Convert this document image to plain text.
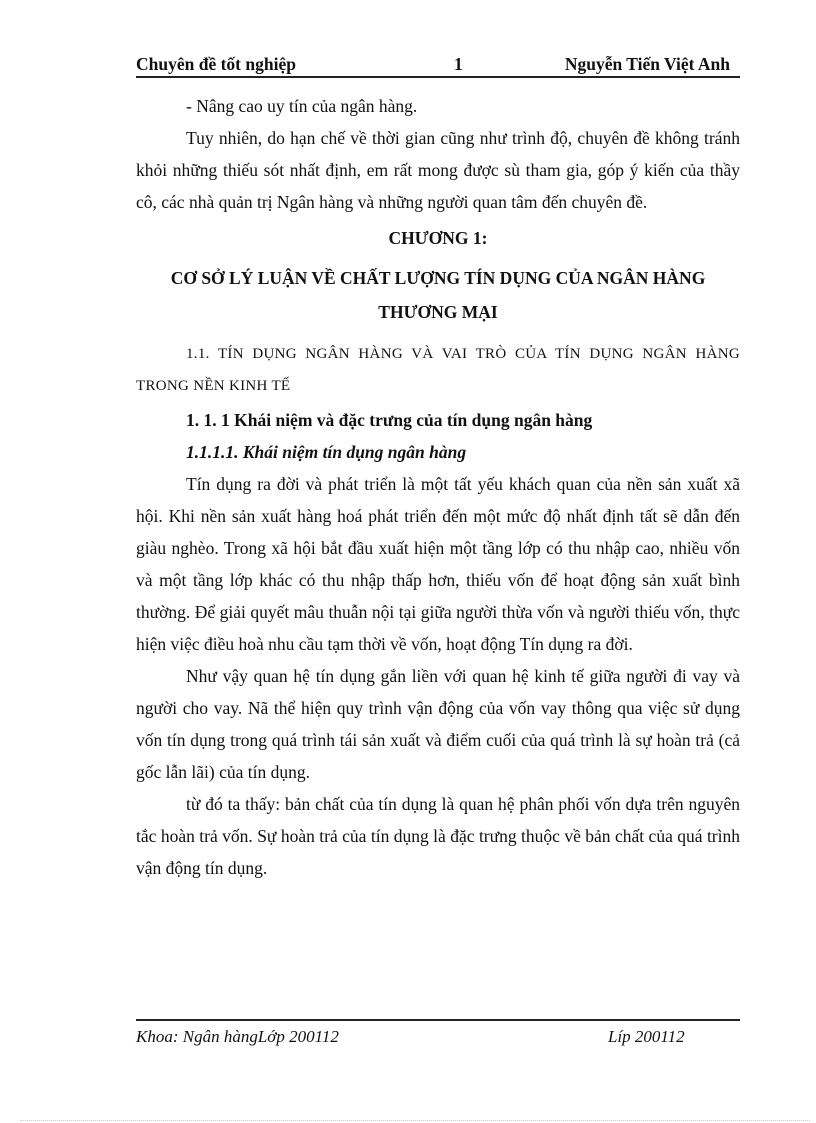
Chuyên đề tốt nghiệp	1	Nguyễn Tiến Việt Anh

- Nâng cao uy tín của ngân hàng.

Tuy nhiên, do hạn chế về thời gian cũng như trình độ, chuyên đề không tránh khỏi những thiếu sót nhất định, em rất mong được sù tham gia, góp ý kiến của thầy cô, các nhà quản trị Ngân hàng và những người quan tâm đến chuyên đề.

CHƯƠNG 1:

CƠ SỞ LÝ LUẬN VỀ CHẤT LƯỢNG TÍN DỤNG CỦA NGÂN HÀNG

THƯƠNG MẠI

1.1. TÍN DỤNG NGÂN HÀNG VÀ VAI TRÒ CỦA TÍN DỤNG NGÂN HÀNG TRONG NỀN KINH TẾ

1. 1. 1 Khái niệm và đặc trưng của tín dụng ngân hàng

1.1.1.1. Khái niệm tín dụng ngân hàng

Tín dụng ra đời và phát triển là một tất yếu khách quan của nền sản xuất xã hội. Khi nền sản xuất hàng hoá phát triển đến một mức độ nhất định tất sẽ dẫn đến giàu nghèo. Trong xã hội bắt đầu xuất hiện một tầng lớp có thu nhập cao, nhiều vốn và một tầng lớp khác có thu nhập thấp hơn, thiếu vốn để hoạt động sản xuất bình thường. Để giải quyết mâu thuẫn nội tại giữa người thừa vốn và người thiếu vốn, thực hiện việc điều hoà nhu cầu tạm thời về vốn, hoạt động Tín dụng ra đời.

Như vậy quan hệ tín dụng gắn liền với quan hệ kinh tế giữa người đi vay và người cho vay. Nã thể hiện quy trình vận động của vốn vay thông qua việc sử dụng vốn tín dụng trong quá trình tái sản xuất và điểm cuối của quá trình là sự hoàn trả (cả gốc lẫn lãi) của tín dụng.

từ đó ta thấy: bản chất của tín dụng là quan hệ phân phối vốn dựa trên nguyên tắc hoàn trả vốn. Sự hoàn trả của tín dụng là đặc trưng thuộc về bản chất của quá trình vận động tín dụng.

Khoa: Ngân hàngLớp 200112	Líp 200112
